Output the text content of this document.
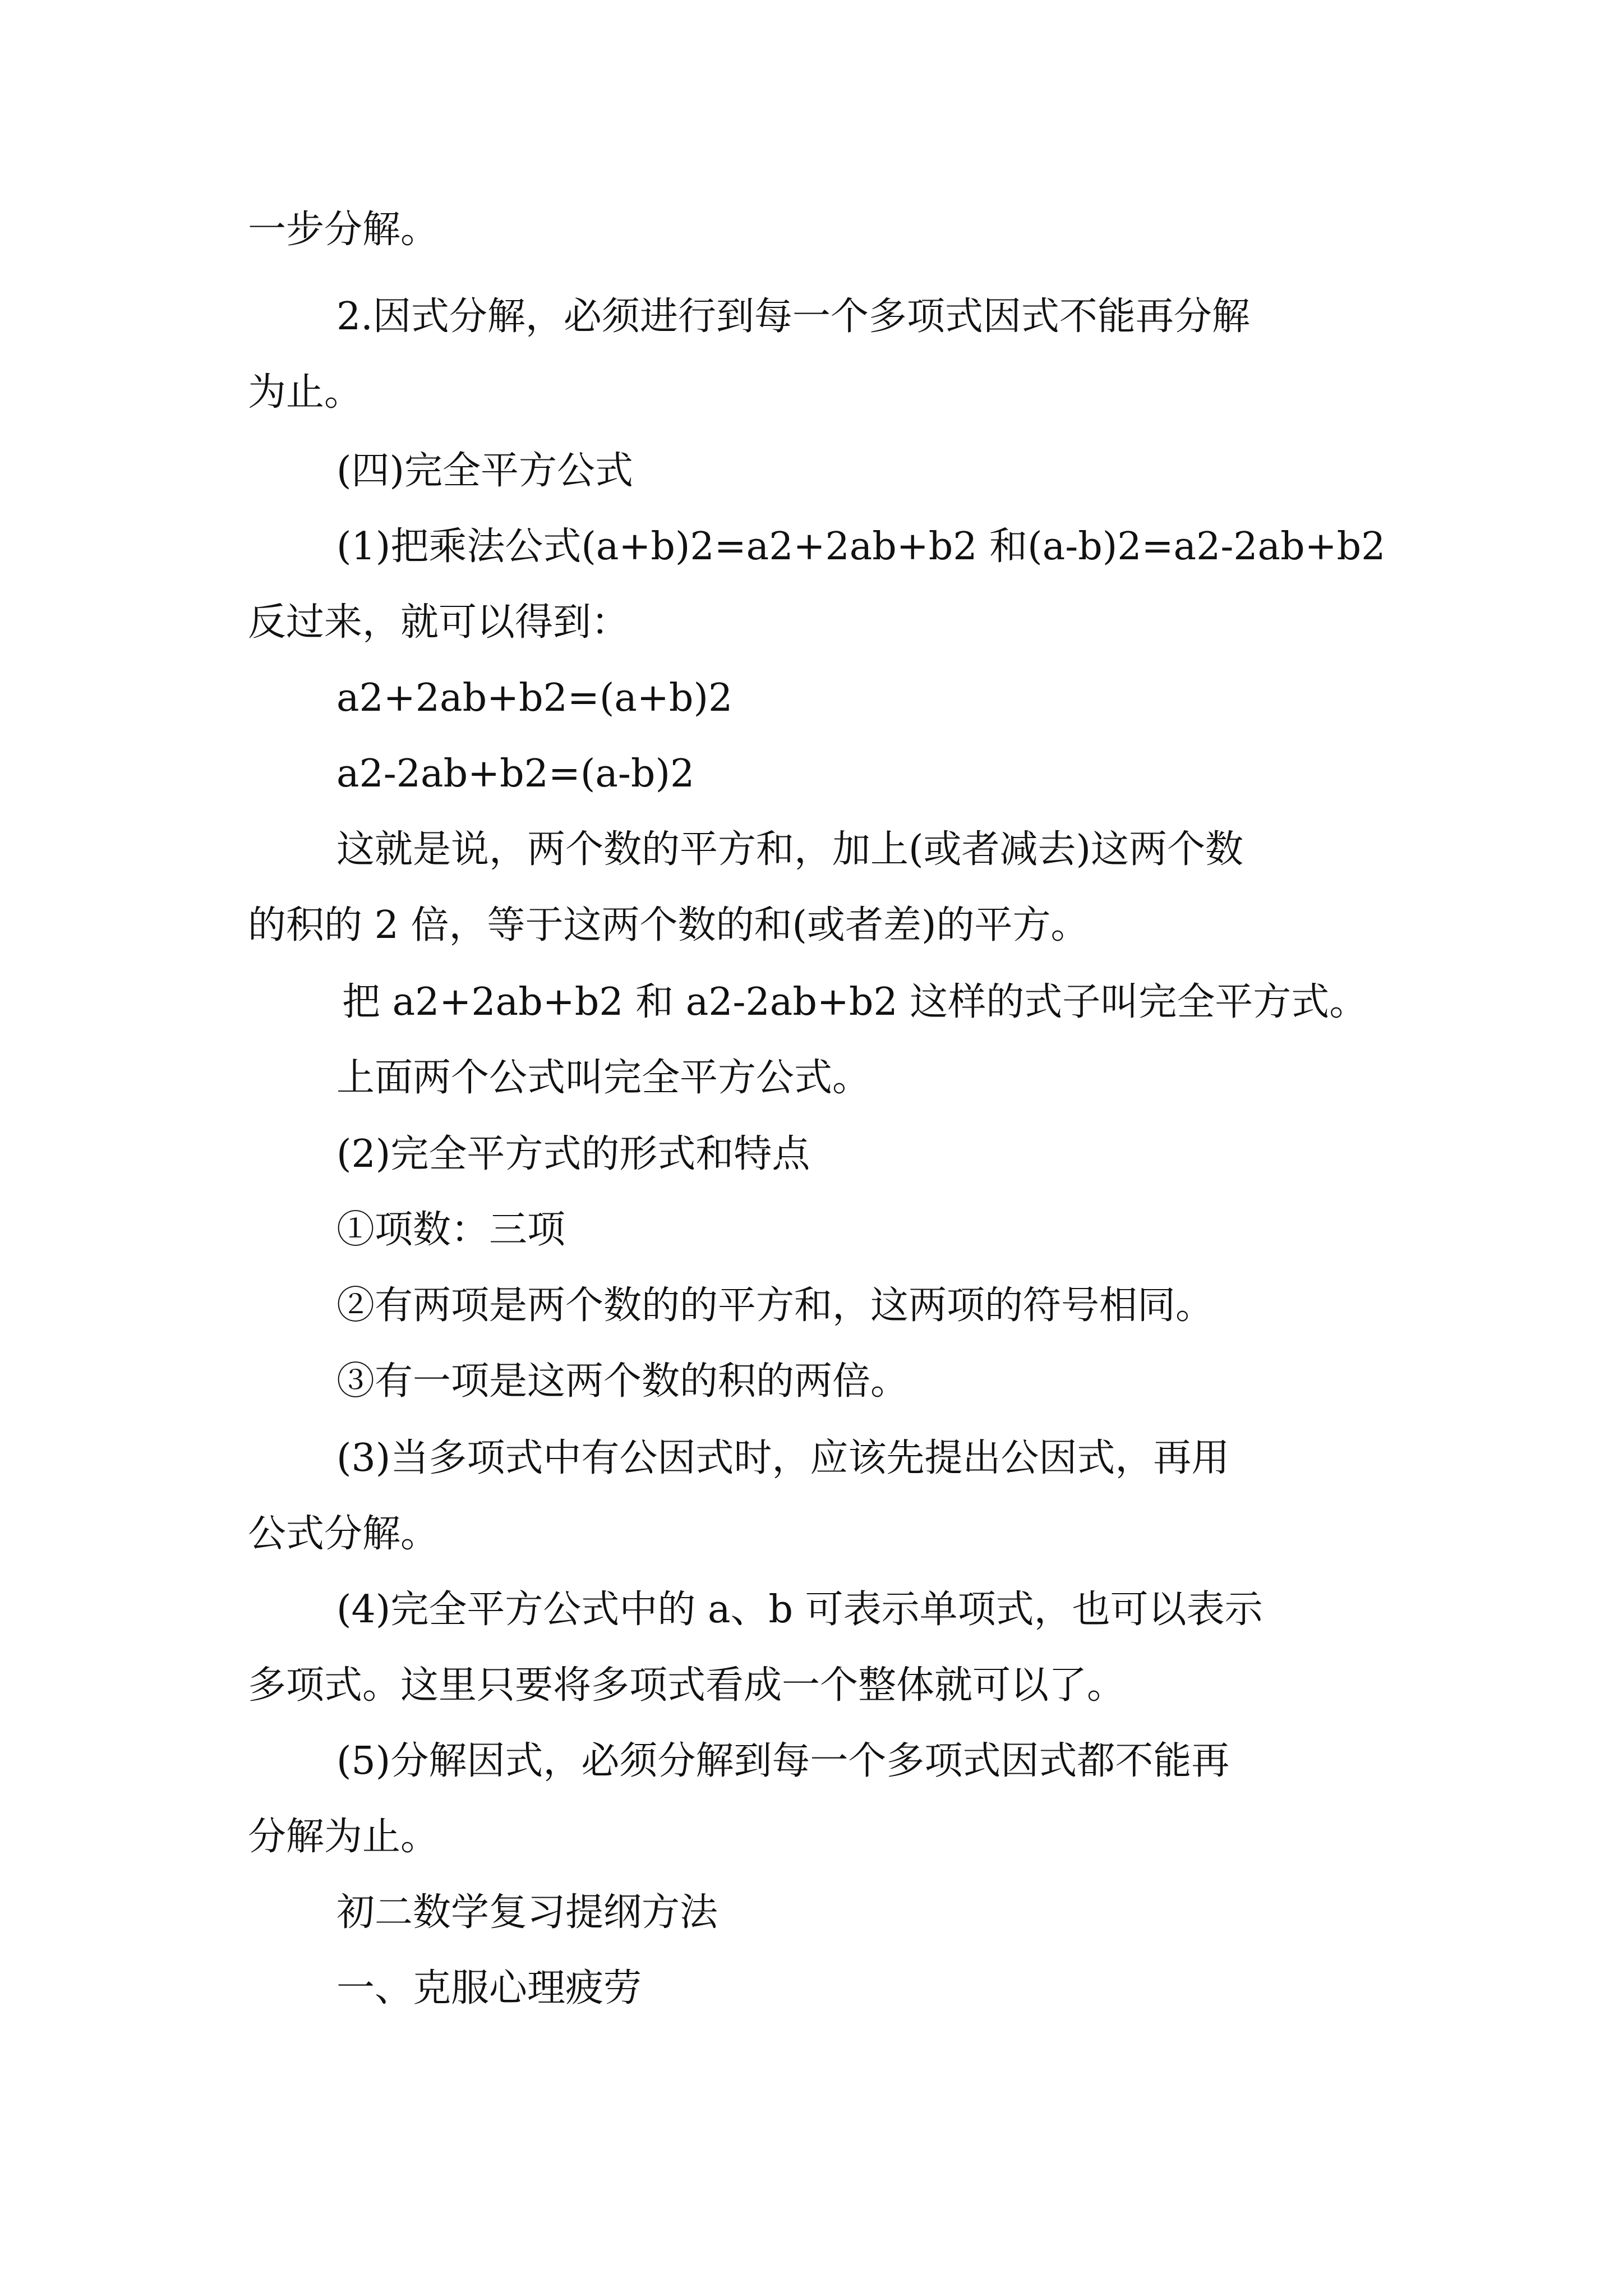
一步分解。

2.因式分解，必须进行到每一个多项式因式不能再分解

为止。

(四)完全平方公式

(1)把乘法公式(a+b)2=a2+2ab+b2 和(a-b)2=a2-2ab+b2

反过来，就可以得到：

a2+2ab+b2=(a+b)2

a2-2ab+b2=(a-b)2

这就是说，两个数的平方和，加上(或者减去)这两个数

的积的 2 倍，等于这两个数的和(或者差)的平方。

把 a2+2ab+b2 和 a2-2ab+b2 这样的式子叫完全平方式。

上面两个公式叫完全平方公式。

(2)完全平方式的形式和特点

①项数：三项

②有两项是两个数的的平方和，这两项的符号相同。

③有一项是这两个数的积的两倍。

(3)当多项式中有公因式时，应该先提出公因式，再用

公式分解。

(4)完全平方公式中的 a、b 可表示单项式，也可以表示

多项式。这里只要将多项式看成一个整体就可以了。

(5)分解因式，必须分解到每一个多项式因式都不能再

分解为止。

初二数学复习提纲方法

一、克服心理疲劳
